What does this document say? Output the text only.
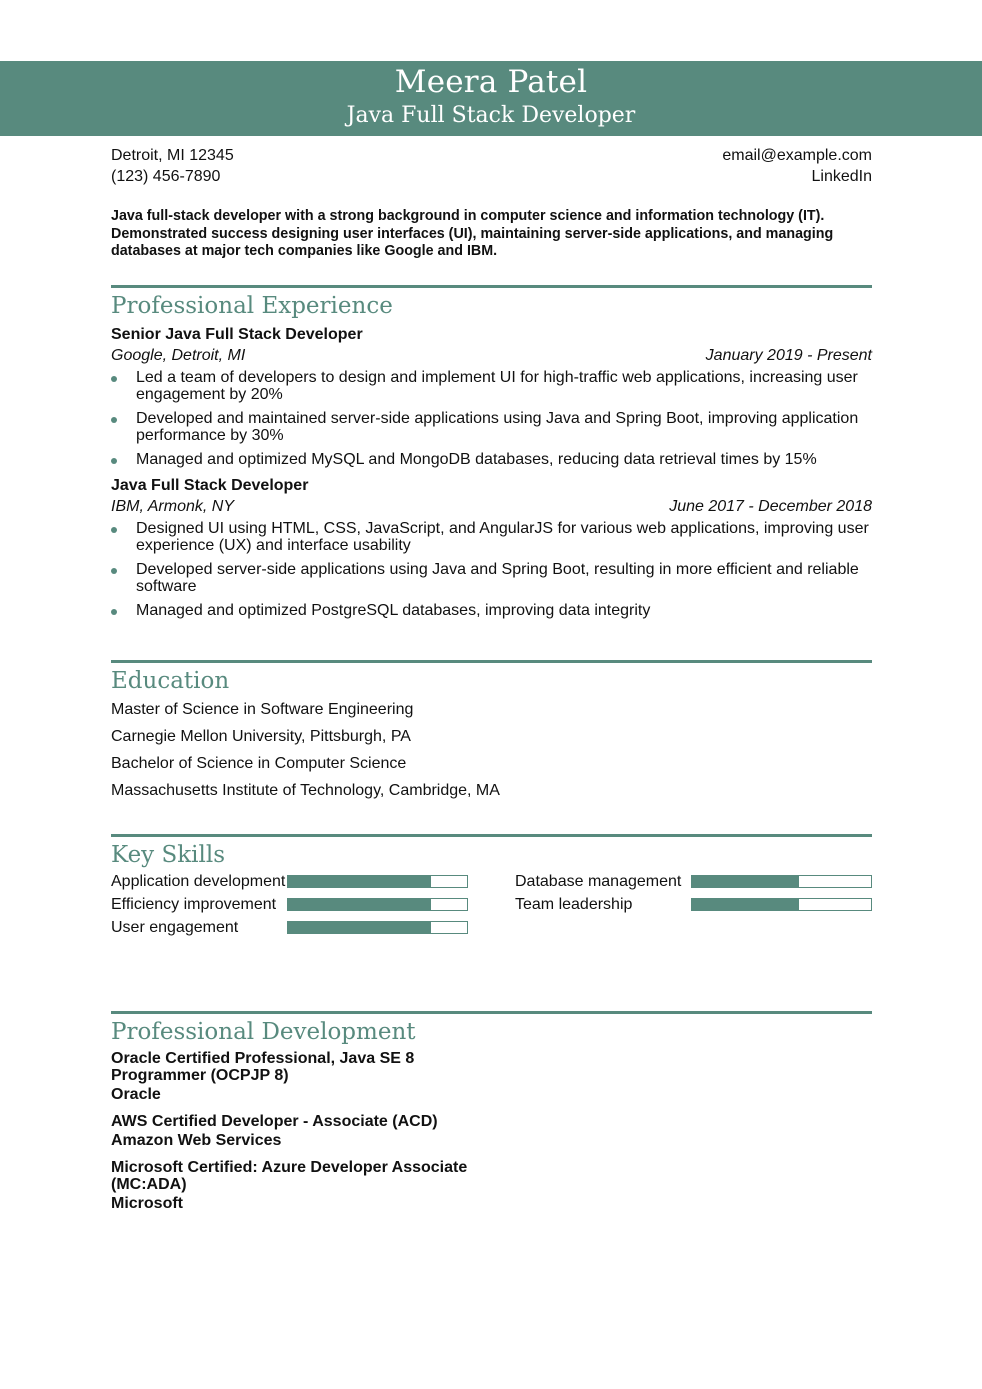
Meera Patel
Java Full Stack Developer
Detroit, MI 12345	email@example.com
(123) 456-7890	LinkedIn
Java full-stack developer with a strong background in computer science and information technology (IT). Demonstrated success designing user interfaces (UI), maintaining server-side applications, and managing databases at major tech companies like Google and IBM.
Professional Experience
Senior Java Full Stack Developer
Google, Detroit, MI	January 2019 - Present
Led a team of developers to design and implement UI for high-traffic web applications, increasing user engagement by 20%
Developed and maintained server-side applications using Java and Spring Boot, improving application performance by 30%
Managed and optimized MySQL and MongoDB databases, reducing data retrieval times by 15%
Java Full Stack Developer
IBM, Armonk, NY	June 2017 - December 2018
Designed UI using HTML, CSS, JavaScript, and AngularJS for various web applications, improving user experience (UX) and interface usability
Developed server-side applications using Java and Spring Boot, resulting in more efficient and reliable software
Managed and optimized PostgreSQL databases, improving data integrity
Education
Master of Science in Software Engineering
Carnegie Mellon University, Pittsburgh, PA
Bachelor of Science in Computer Science
Massachusetts Institute of Technology, Cambridge, MA
Key Skills
Application development	Database management
Efficiency improvement	Team leadership
User engagement
Professional Development
Oracle Certified Professional, Java SE 8 Programmer (OCPJP 8)
Oracle
AWS Certified Developer - Associate (ACD)
Amazon Web Services
Microsoft Certified: Azure Developer Associate (MC:ADA)
Microsoft
